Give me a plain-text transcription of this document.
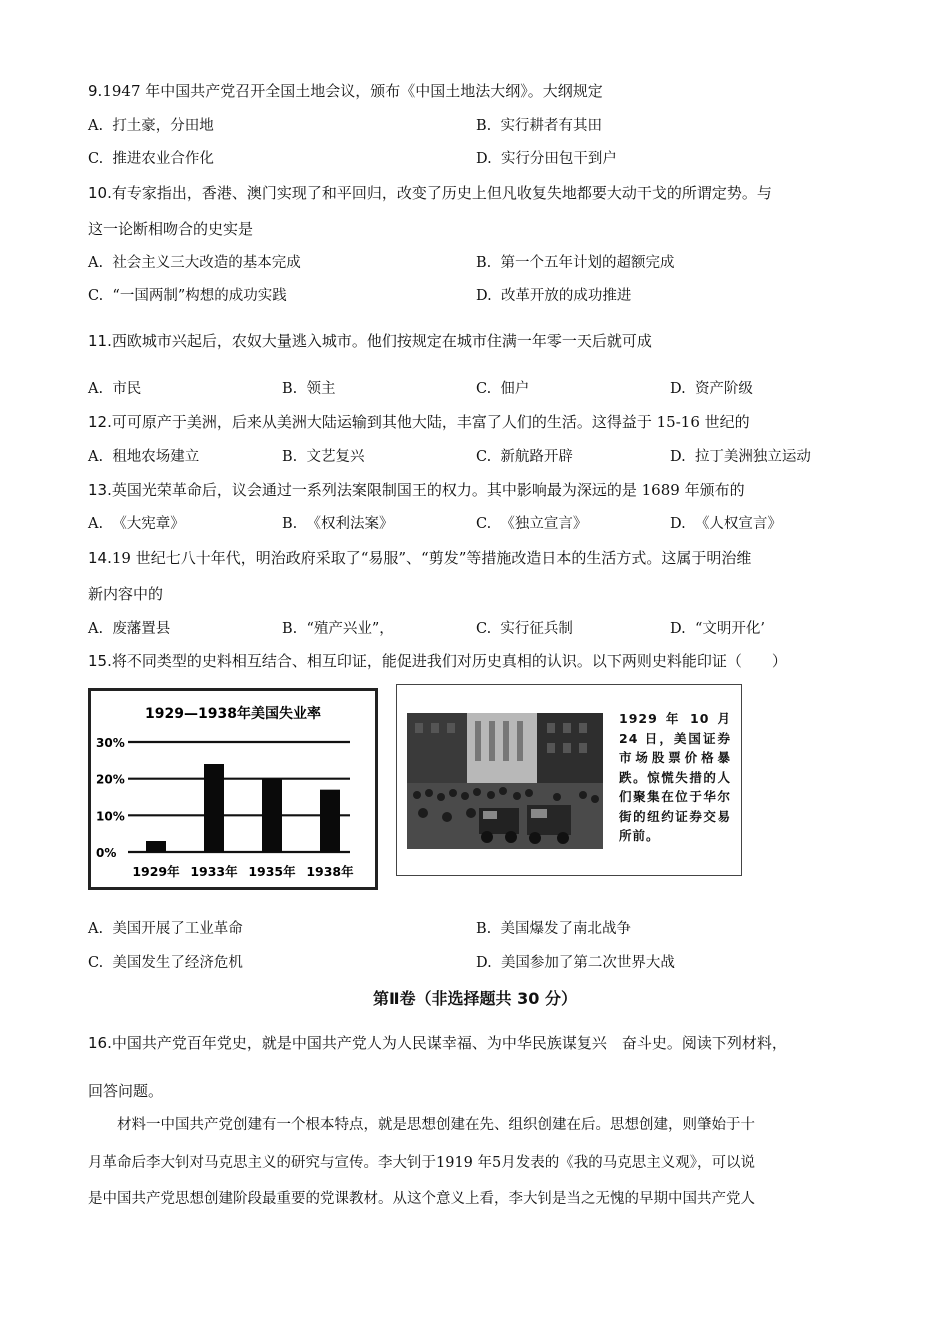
9.1947 年中国共产党召开全国土地会议，颁布《中国土地法大纲》。大纲规定
A. 打土豪，分田地	B. 实行耕者有其田
C. 推进农业合作化	D. 实行分田包干到户
10.有专家指出，香港、澳门实现了和平回归，改变了历史上但凡收复失地都要大动干戈的所谓定势。与
这一论断相吻合的史实是
A. 社会主义三大改造的基本完成	B. 第一个五年计划的超额完成
C. “一国两制”构想的成功实践	D. 改革开放的成功推进
11.西欧城市兴起后，农奴大量逃入城市。他们按规定在城市住满一年零一天后就可成
A. 市民	B. 领主	C. 佃户	D. 资产阶级
12.可可原产于美洲，后来从美洲大陆运输到其他大陆，丰富了人们的生活。这得益于 15-16 世纪的
A. 租地农场建立	B. 文艺复兴	C. 新航路开辟	D. 拉丁美洲独立运动
13.英国光荣革命后，议会通过一系列法案限制国王的权力。其中影响最为深远的是 1689 年颁布的
A. 《大宪章》	B. 《权利法案》	C. 《独立宣言》	D. 《人权宣言》
14.19 世纪七八十年代，明治政府采取了“易服”、“剪发”等措施改造日本的生活方式。这属于明治维
新内容中的
A. 废藩置县	B. “殖产兴业”，	C. 实行征兵制	D. “文明开化’
15.将不同类型的史料相互结合、相互印证，能促进我们对历史真相的认识。以下两则史料能印证（　　）
1929—1938年美国失业率
30%
20%
10%
0%
1929年 1933年 1935年 1938年
1929 年 10 月 24 日，美国证券市场股票价格暴跌。惊慌失措的人们聚集在位于华尔街的纽约证券交易所前。
A. 美国开展了工业革命	B. 美国爆发了南北战争
C. 美国发生了经济危机	D. 美国参加了第二次世界大战
第Ⅱ卷（非选择题共 30 分）
16.中国共产党百年党史，就是中国共产党人为人民谋幸福、为中华民族谋复兴　奋斗史。阅读下列材料，
回答问题。
材料一中国共产党创建有一个根本特点，就是思想创建在先、组织创建在后。思想创建，则肇始于十
月革命后李大钊对马克思主义的研究与宣传。李大钊于1919 年5月发表的《我的马克思主义观》，可以说
是中国共产党思想创建阶段最重要的党课教材。从这个意义上看，李大钊是当之无愧的早期中国共产党人
